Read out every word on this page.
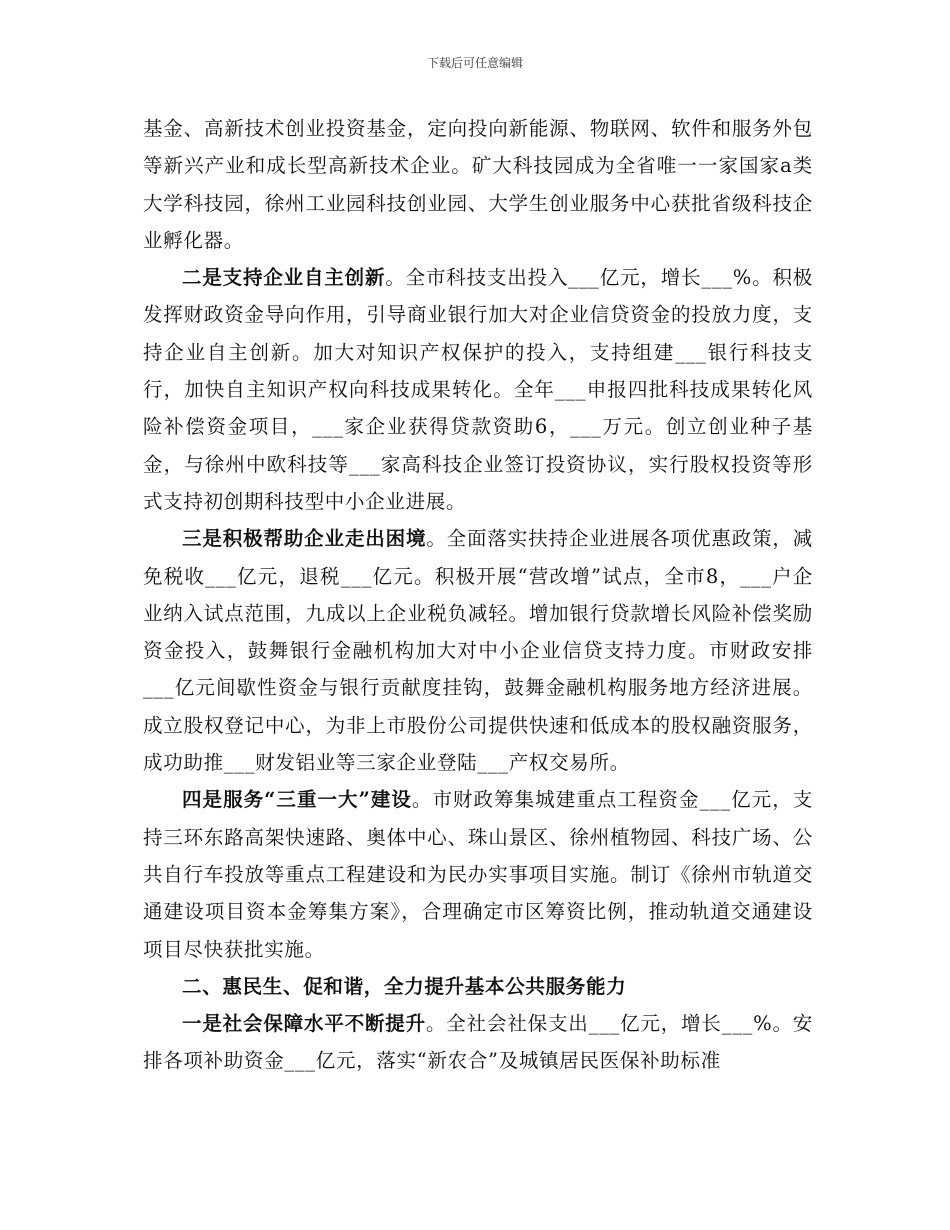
下载后可任意编辑

基金、高新技术创业投资基金，定向投向新能源、物联网、软件和服务外包等新兴产业和成长型高新技术企业。矿大科技园成为全省唯一一家国家a类大学科技园，徐州工业园科技创业园、大学生创业服务中心获批省级科技企业孵化器。

二是支持企业自主创新。全市科技支出投入___亿元，增长___%。积极发挥财政资金导向作用，引导商业银行加大对企业信贷资金的投放力度，支持企业自主创新。加大对知识产权保护的投入，支持组建___银行科技支行，加快自主知识产权向科技成果转化。全年___申报四批科技成果转化风险补偿资金项目，___家企业获得贷款资助6，___万元。创立创业种子基金，与徐州中欧科技等___家高科技企业签订投资协议，实行股权投资等形式支持初创期科技型中小企业进展。

三是积极帮助企业走出困境。全面落实扶持企业进展各项优惠政策，减免税收___亿元，退税___亿元。积极开展“营改增”试点，全市8，___户企业纳入试点范围，九成以上企业税负减轻。增加银行贷款增长风险补偿奖励资金投入，鼓舞银行金融机构加大对中小企业信贷支持力度。市财政安排___亿元间歇性资金与银行贡献度挂钩，鼓舞金融机构服务地方经济进展。成立股权登记中心，为非上市股份公司提供快速和低成本的股权融资服务，成功助推___财发铝业等三家企业登陆___产权交易所。

四是服务“三重一大”建设。市财政筹集城建重点工程资金___亿元，支持三环东路高架快速路、奥体中心、珠山景区、徐州植物园、科技广场、公共自行车投放等重点工程建设和为民办实事项目实施。制订《徐州市轨道交通建设项目资本金筹集方案》，合理确定市区筹资比例，推动轨道交通建设项目尽快获批实施。

二、惠民生、促和谐，全力提升基本公共服务能力

一是社会保障水平不断提升。全社会社保支出___亿元，增长___%。安排各项补助资金___亿元，落实“新农合”及城镇居民医保补助标准
